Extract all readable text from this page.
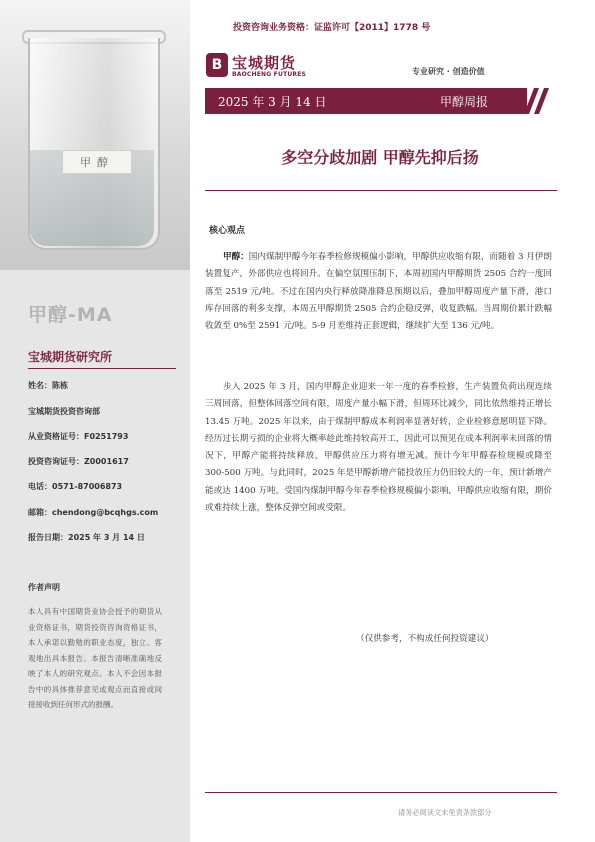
甲醇
甲醇-MA
宝城期货研究所
姓名：陈栋
宝城期货投资咨询部
从业资格证号：F0251793
投资咨询证号：Z0001617
电话：0571-87006873
邮箱：chendong@bcqhgs.com
报告日期：2025 年 3 月 14 日
作者声明
本人具有中国期货业协会授予的期货从业资格证书，期货投资咨询资格证书，本人承诺以勤勉的职业态度，独立、客观地出具本报告。本报告清晰准确地反映了本人的研究观点。本人不会因本报告中的具体推荐意见或观点而直接或间接接收到任何形式的报酬。
投资咨询业务资格：证监许可【2011】1778 号
B 宝城期货
BAOCHENG FUTURES	专业研究 · 创造价值
2025 年 3 月 14 日	甲醇周报
多空分歧加剧 甲醇先抑后扬
核心观点

甲醇：国内煤制甲醇今年春季检修规模偏小影响，甲醇供应收缩有限，而随着 3 月伊朗装置复产，外部供应也将回升。在偏空氛围压制下，本周初国内甲醇期货 2505 合约一度回落至 2519 元/吨。不过在国内央行释放降准降息预期以后，叠加甲醇周度产量下滑，港口库存回落的利多支撑，本周五甲醇期货 2505 合约企稳反弹，收复跌幅。当周期价累计跌幅收敛至 0%至 2591 元/吨。5-9 月差维持正套逻辑，继续扩大至 136 元/吨。

步入 2025 年 3 月，国内甲醇企业迎来一年一度的春季检修，生产装置负荷出现连续三周回落，但整体回落空间有限，周度产量小幅下滑，但周环比减少，同比依然维持正增长 13.45 万吨。2025 年以来，由于煤制甲醇成本利润率显著好转，企业检修意愿明显下降。经历过长期亏损的企业将大概率趁此维持较高开工，因此可以预见在成本利润率未回落的情况下，甲醇产能将持续释放，甲醇供应压力将有增无减。预计今年甲醇春检规模或降至 300-500 万吨。与此同时，2025 年是甲醇新增产能投放压力仍旧较大的一年，预计新增产能或达 1400 万吨。受国内煤制甲醇今年春季检修规模偏小影响，甲醇供应收缩有限，期价或难持续上涨，整体反弹空间或受限。

（仅供参考，不构成任何投资建议）
请务必阅读文末免责条款部分
